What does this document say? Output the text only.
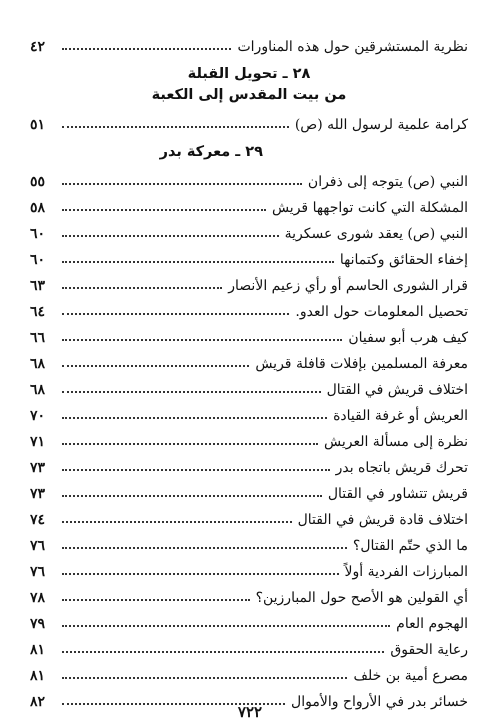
نظرية المستشرقين حول هذه المناورات
٤٢
٢٨ ـ تحويل القبلة
من بيت المقدس إلى الكعبة
كرامة علمية لرسول الله (ص)
٥١
٢٩ ـ معركة بدر
النبي (ص) يتوجه إلى ذفران
٥٥
المشكلة التي كانت تواجهها قريش
٥٨
النبي (ص) يعقد شورى عسكرية
٦٠
إخفاء الحقائق وكتمانها
٦٠
قرار الشورى الحاسم أو رأي زعيم الأنصار
٦٣
تحصيل المعلومات حول العدو.
٦٤
كيف هرب أبو سفيان
٦٦
معرفة المسلمين بإفلات قافلة قريش
٦٨
اختلاف قريش في القتال
٦٨
العريش أو غرفة القيادة
٧٠
نظرة إلى مسألة العريش
٧١
تحرك قريش باتجاه بدر
٧٣
قريش تتشاور في القتال
٧٣
اختلاف قادة قريش في القتال
٧٤
ما الذي حتّم القتال؟
٧٦
المبارزات الفردية أولاً
٧٦
أي القولين هو الأصح حول المبارزين؟
٧٨
الهجوم العام
٧٩
رعاية الحقوق
٨١
مصرع أمية بن خلف
٨١
خسائر بدر في الأرواح والأموال
٨٢
٧٢٢
